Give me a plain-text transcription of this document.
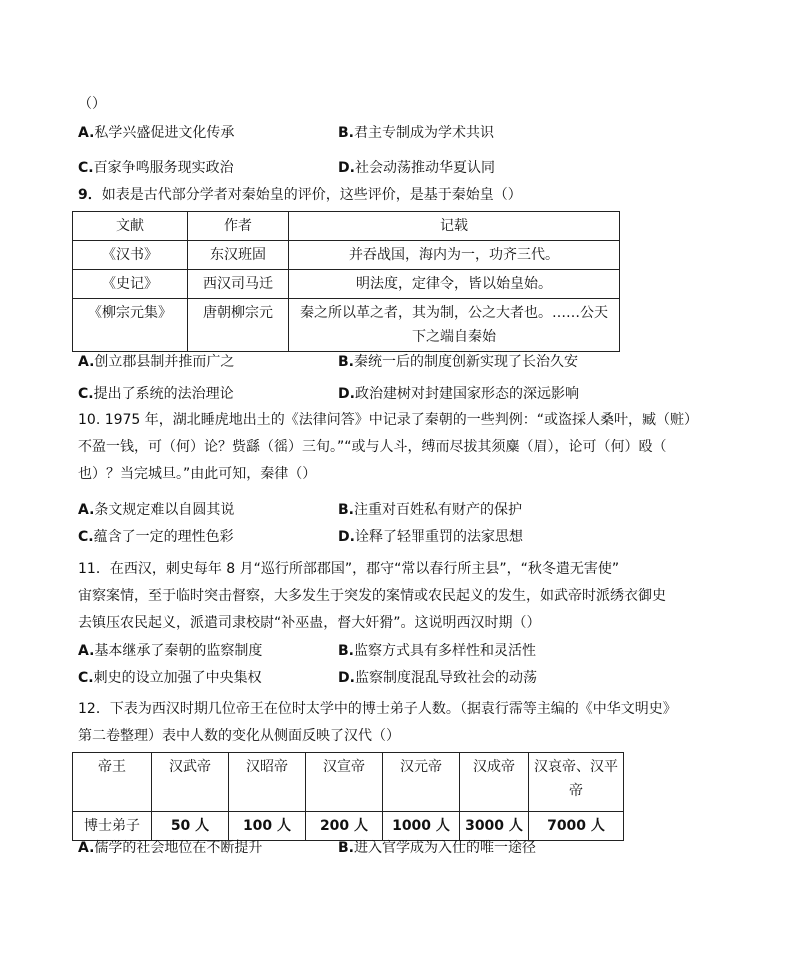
（）
A.私学兴盛促进文化传承	B.君主专制成为学术共识
C.百家争鸣服务现实政治	D.社会动荡推动华夏认同
9．如表是古代部分学者对秦始皇的评价，这些评价，是基于秦始皇（）
文献	作者	记载
《汉书》	东汉班固	并吞战国，海内为一，功齐三代。
《史记》	西汉司马迁	明法度，定律令，皆以始皇始。
《柳宗元集》	唐朝柳宗元	秦之所以革之者，其为制，公之大者也。……公天
下之端自秦始
A.创立郡县制并推而广之	B.秦统一后的制度创新实现了长治久安
C.提出了系统的法治理论	D.政治建树对封建国家形态的深远影响
10. 1975 年，湖北睡虎地出土的《法律问答》中记录了秦朝的一些判例：“或盗採人桑叶，臧（赃）
不盈一钱，可（何）论？赀繇（徭）三旬。”“或与人斗，缚而尽拔其须麋（眉），论可（何）殴（
也）？当完城旦。”由此可知，秦律（）
A.条文规定难以自圆其说	B.注重对百姓私有财产的保护
C.蕴含了一定的理性色彩	D.诠释了轻罪重罚的法家思想
11．在西汉，刺史每年 8 月“巡行所部郡国”，郡守“常以春行所主县”，“秋冬遣无害使”
宙察案情，至于临时突击督察，大多发生于突发的案情或农民起义的发生，如武帝时派绣衣御史
去镇压农民起义，派遣司隶校尉“补巫蛊，督大奸猾”。这说明西汉时期（）
A.基本继承了秦朝的监察制度	B.监察方式具有多样性和灵活性
C.刺史的设立加强了中央集权	D.监察制度混乱导致社会的动荡
12．下表为西汉时期几位帝王在位时太学中的博士弟子人数。（据袁行霈等主编的《中华文明史》
第二卷整理）表中人数的变化从侧面反映了汉代（）
帝王	汉武帝	汉昭帝	汉宣帝	汉元帝	汉成帝	汉哀帝、汉平
帝

博士弟子	50 人	100 人	200 人	1000 人	3000 人	7000 人
A.儒学的社会地位在不断提升	B.进入官学成为入仕的唯一途径
